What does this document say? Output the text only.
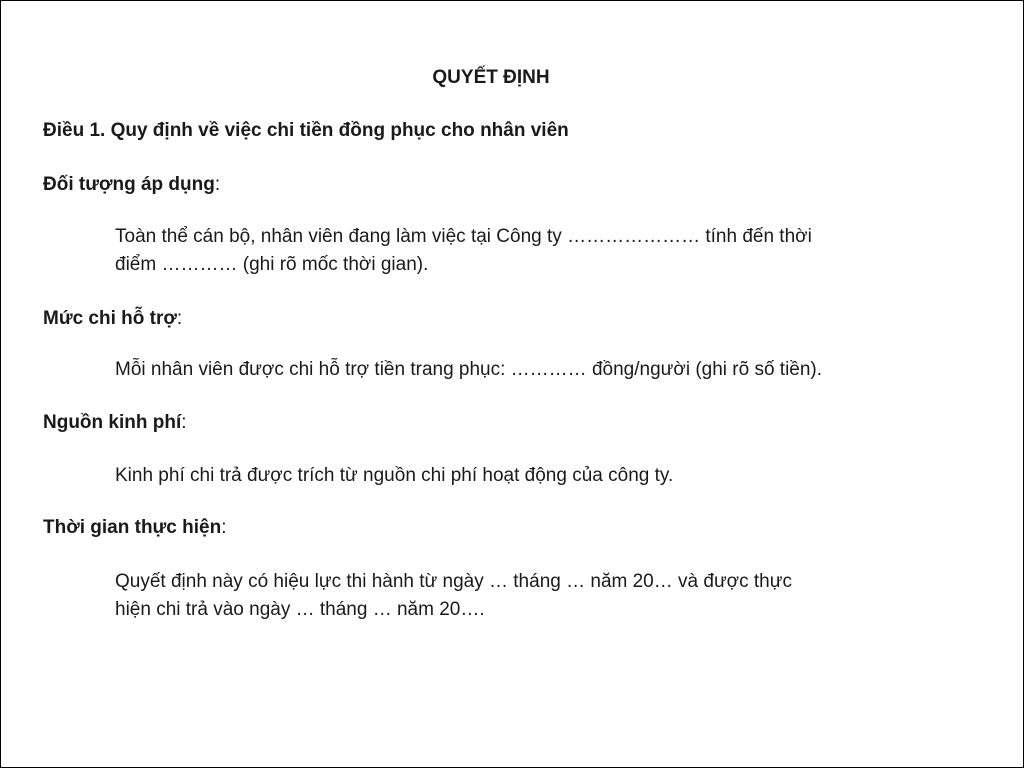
QUYẾT ĐỊNH
Điều 1. Quy định về việc chi tiền đồng phục cho nhân viên
Đối tượng áp dụng:
Toàn thể cán bộ, nhân viên đang làm việc tại Công ty ………………… tính đến thời
điểm ………… (ghi rõ mốc thời gian).
Mức chi hỗ trợ:
Mỗi nhân viên được chi hỗ trợ tiền trang phục: ………… đồng/người (ghi rõ số tiền).
Nguồn kinh phí:
Kinh phí chi trả được trích từ nguồn chi phí hoạt động của công ty.
Thời gian thực hiện:
Quyết định này có hiệu lực thi hành từ ngày … tháng … năm 20… và được thực
hiện chi trả vào ngày … tháng … năm 20….
